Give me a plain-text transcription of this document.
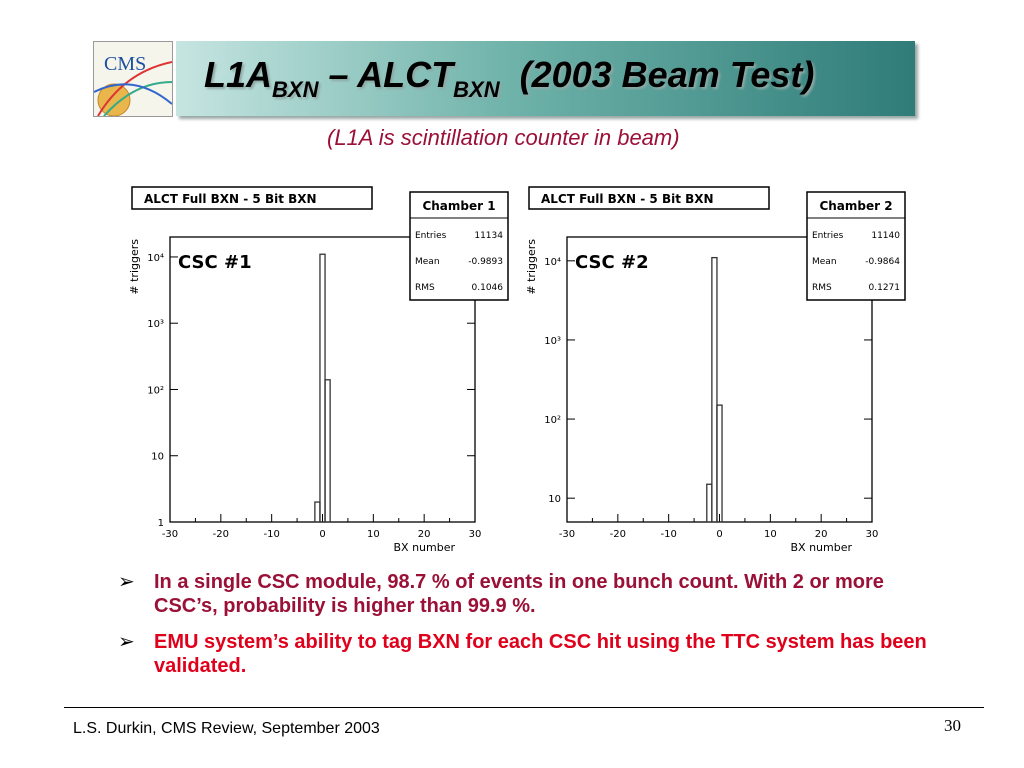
CMS $L1A_{BXN}$ – $ALCT_{BXN}$  (2003 Beam Test)
(L1A is scintillation counter in beam)
ALCT Full BXN - 5 Bit BXN
1
10
10²
10³
10⁴
-30	-20	-10	0	10	20	30
BX number
# triggers CSC #1
Chamber 1
Entries	11134
Mean	-0.9893
RMS	0.1046
ALCT Full BXN - 5 Bit BXN
10
10²
10³
10⁴
-30	-20	-10	0	10	20	30
BX number
# triggers CSC #2
Chamber 2
Entries	11140
Mean	-0.9864
RMS	0.1271
➢ In a single CSC module, 98.7 % of events in one bunch count. With 2 or more CSC’s, probability is higher than 99.9 %.
➢ EMU system’s ability to tag BXN for each CSC hit using the TTC system has been validated.
L.S. Durkin, CMS Review, September 2003	30
